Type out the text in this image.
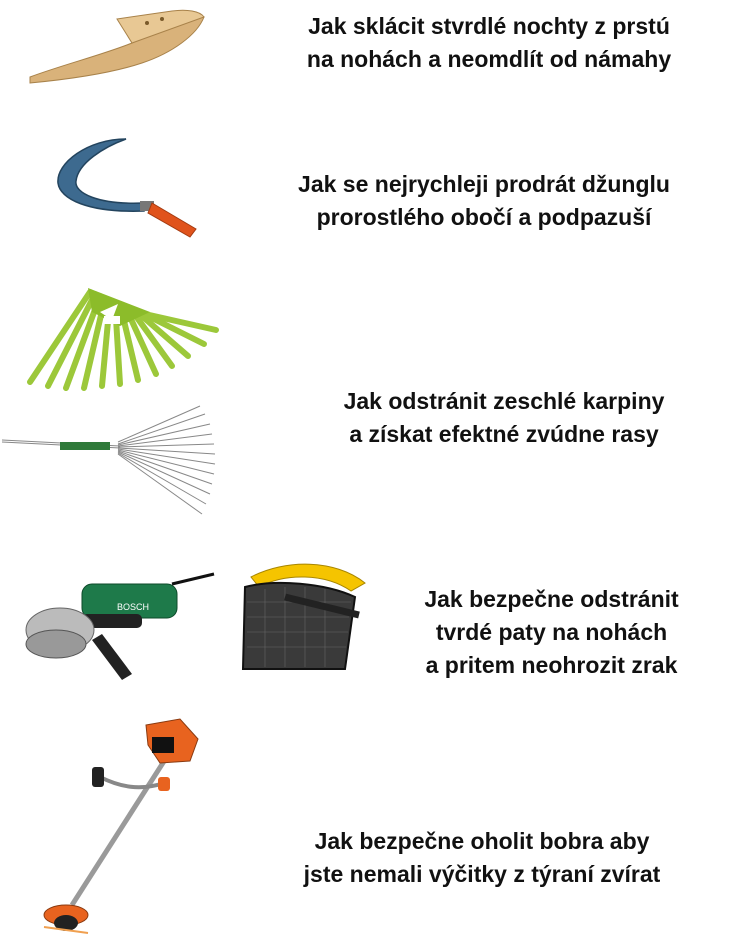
Jak sklácit stvrdlé nochty z prstú
na nohách a neomdlít od námahy
Jak se nejrychleji prodrát džunglu
prorostlého obočí a podpazuší
Jak odstránit zeschlé karpiny
a získat efektné zvúdne rasy
BOSCH	Jak bezpečne odstránit
tvrdé paty na nohách
a pritem neohrozit zrak
Jak bezpečne oholit bobra aby
jste nemali výčitky z týraní zvírat
